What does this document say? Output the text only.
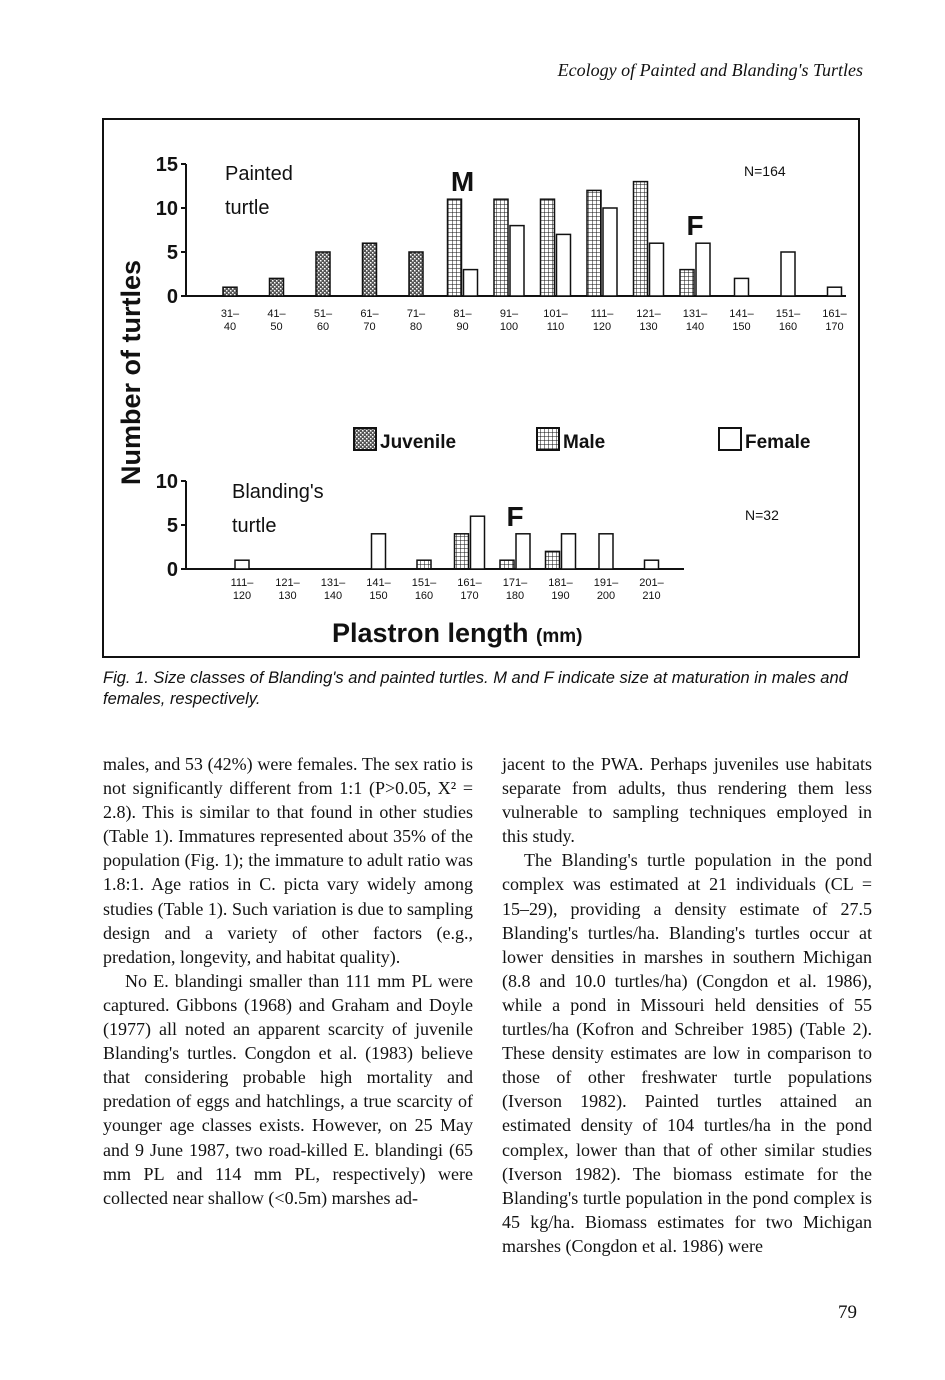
Ecology of Painted and Blanding's Turtles
Number of turtles 0
5
10
15 Painted turtle
N=164
31– 40
41– 50
51– 60
61– 70
71– 80
81– 90
91– 100
101– 110
111– 120
121– 130
131– 140
141– 150
151– 160
161– 170
M
F
0
5
10	Blanding's turtle	N=32
111– 120
121– 130
131– 140
141– 150
151– 160
161– 170
171– 180
181– 190
191– 200
201– 210
F
Juvenile	Male	Female
Plastron length (mm)
Fig. 1. Size classes of Blanding's and painted turtles. M and F indicate size at maturation in males and females, respectively.

males, and 53 (42%) were females. The sex ratio is not significantly different from 1:1 (P>0.05, X² = 2.8). This is similar to that found in other studies (Table 1). Immatures represented about 35% of the population (Fig. 1); the immature to adult ratio was 1.8:1. Age ratios in C. picta vary widely among studies (Table 1). Such variation is due to sampling design and a variety of other factors (e.g., predation, longevity, and habitat quality).

No E. blandingi smaller than 111 mm PL were captured. Gibbons (1968) and Graham and Doyle (1977) all noted an apparent scarcity of juvenile Blanding's turtles. Congdon et al. (1983) believe that considering probable high mortality and predation of eggs and hatchlings, a true scarcity of younger age classes exists. However, on 25 May and 9 June 1987, two road-killed E. blandingi (65 mm PL and 114 mm PL, respectively) were collected near shallow (<0.5m) marshes ad-

jacent to the PWA. Perhaps juveniles use habitats separate from adults, thus rendering them less vulnerable to sampling techniques employed in this study.

The Blanding's turtle population in the pond complex was estimated at 21 individuals (CL = 15–29), providing a density estimate of 27.5 Blanding's turtles/ha. Blanding's turtles occur at lower densities in marshes in southern Michigan (8.8 and 10.0 turtles/ha) (Congdon et al. 1986), while a pond in Missouri held densities of 55 turtles/ha (Kofron and Schreiber 1985) (Table 2). These density estimates are low in comparison to those of other freshwater turtle populations (Iverson 1982). Painted turtles attained an estimated density of 104 turtles/ha in the pond complex, lower than that of other similar studies (Iverson 1982). The biomass estimate for the Blanding's turtle population in the pond complex is 45 kg/ha. Biomass estimates for two Michigan marshes (Congdon et al. 1986) were

79
